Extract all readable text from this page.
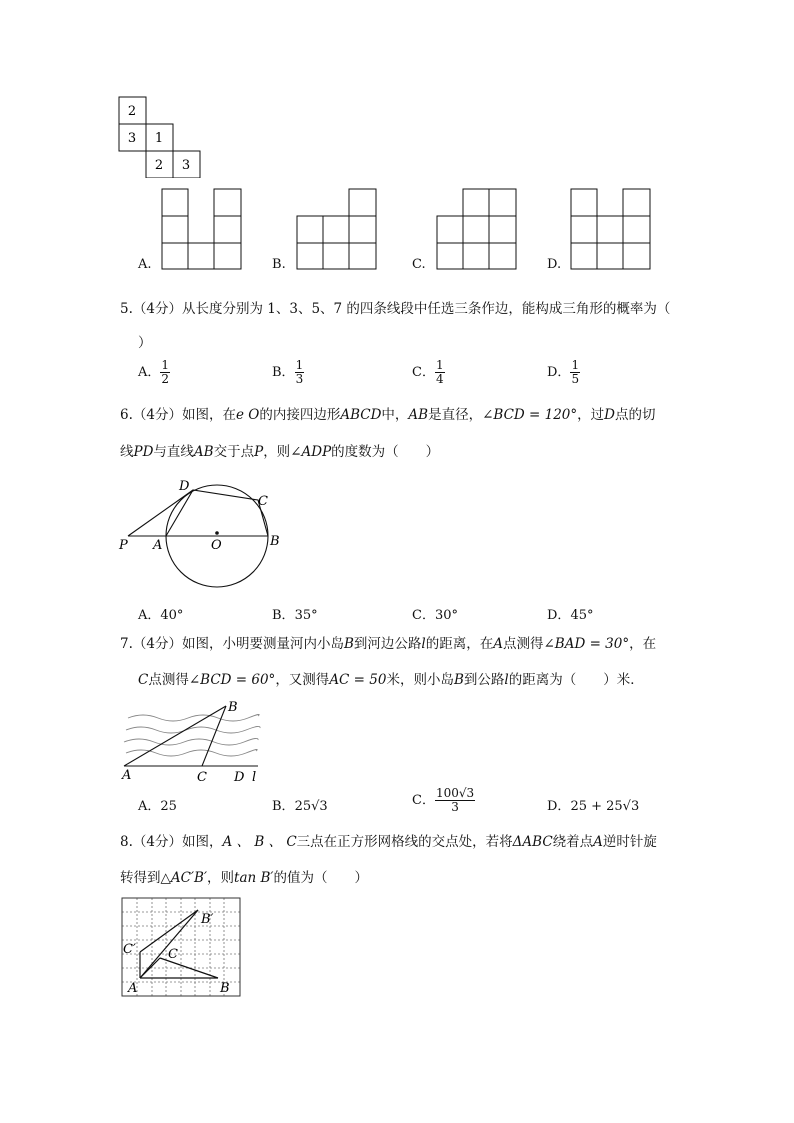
2
3 1
2 3
A.	B.	C.	D.
5.（4分）从长度分别为 1、3、5、7 的四条线段中任选三条作边，能构成三角形的概率为（
）
A． $\frac{1}{2}$	B． $\frac{1}{3}$	C． $\frac{1}{4}$	D． $\frac{1}{5}$
6.（4分）如图，在e O的内接四边形ABCD中，AB是直径，∠BCD = 120°，过D点的切
线PD与直线AB交于点P，则∠ADP的度数为（　　）
D
C
P A	O	B
A．40°	B．35°	C．30°	D．45°
7.（4分）如图，小明要测量河内小岛B到河边公路l的距离，在A点测得∠BAD = 30°，在
C点测得∠BCD = 60°，又测得AC = 50米，则小岛B到公路l的距离为（　　）米．
B
A	C D l
A．25	B．25√3	C． $\frac{100√3}{3}$	D．25 + 25√3
8.（4分）如图，A 、 B 、 C三点在正方形网格线的交点处，若将ΔABC绕着点A逆时针旋
转得到△AC′B′，则tan B′的值为（　　）
B′
C′ C
A	B
